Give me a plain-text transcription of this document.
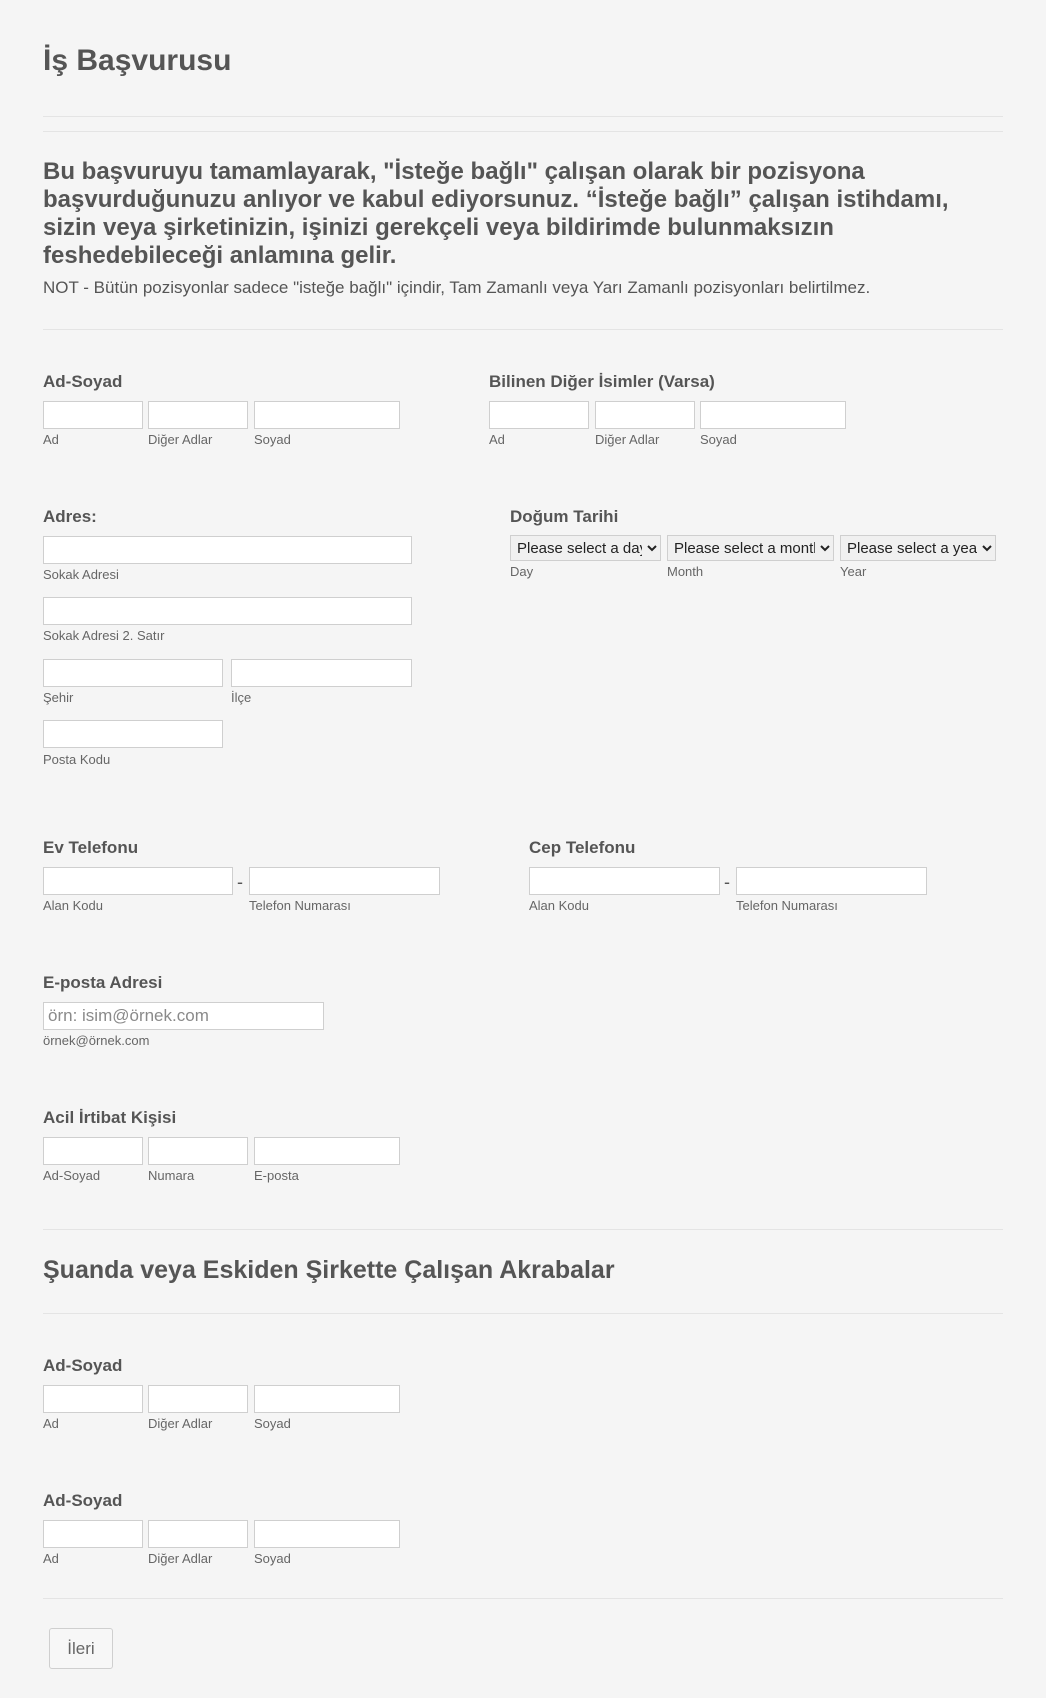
İş Başvurusu
Bu başvuruyu tamamlayarak, "İsteğe bağlı" çalışan olarak bir pozisyona başvurduğunuzu anlıyor ve kabul ediyorsunuz. “İsteğe bağlı” çalışan istihdamı, sizin veya şirketinizin, işinizi gerekçeli veya bildirimde bulunmaksızın feshedebileceği anlamına gelir.
NOT - Bütün pozisyonlar sadece "isteğe bağlı" içindir, Tam Zamanlı veya Yarı Zamanlı pozisyonları belirtilmez.
Ad-Soyad
Ad	Diğer Adlar	Soyad
Bilinen Diğer İsimler (Varsa)
Ad	Diğer Adlar	Soyad
Adres:
Sokak Adresi
Sokak Adresi 2. Satır
Şehir	İlçe
Posta Kodu
Doğum Tarihi
Please select a day
Please select a month
Please select a year
Day	Month	Year
Ev Telefonu
-
Alan Kodu	Telefon Numarası
Cep Telefonu
-
Alan Kodu	Telefon Numarası
E-posta Adresi
örn: isim@örnek.com
örnek@örnek.com
Acil İrtibat Kişisi
Ad-Soyad	Numara	E-posta
Şuanda veya Eskiden Şirkette Çalışan Akrabalar
Ad-Soyad
Ad	Diğer Adlar	Soyad
Ad-Soyad
Ad	Diğer Adlar	Soyad
İleri
